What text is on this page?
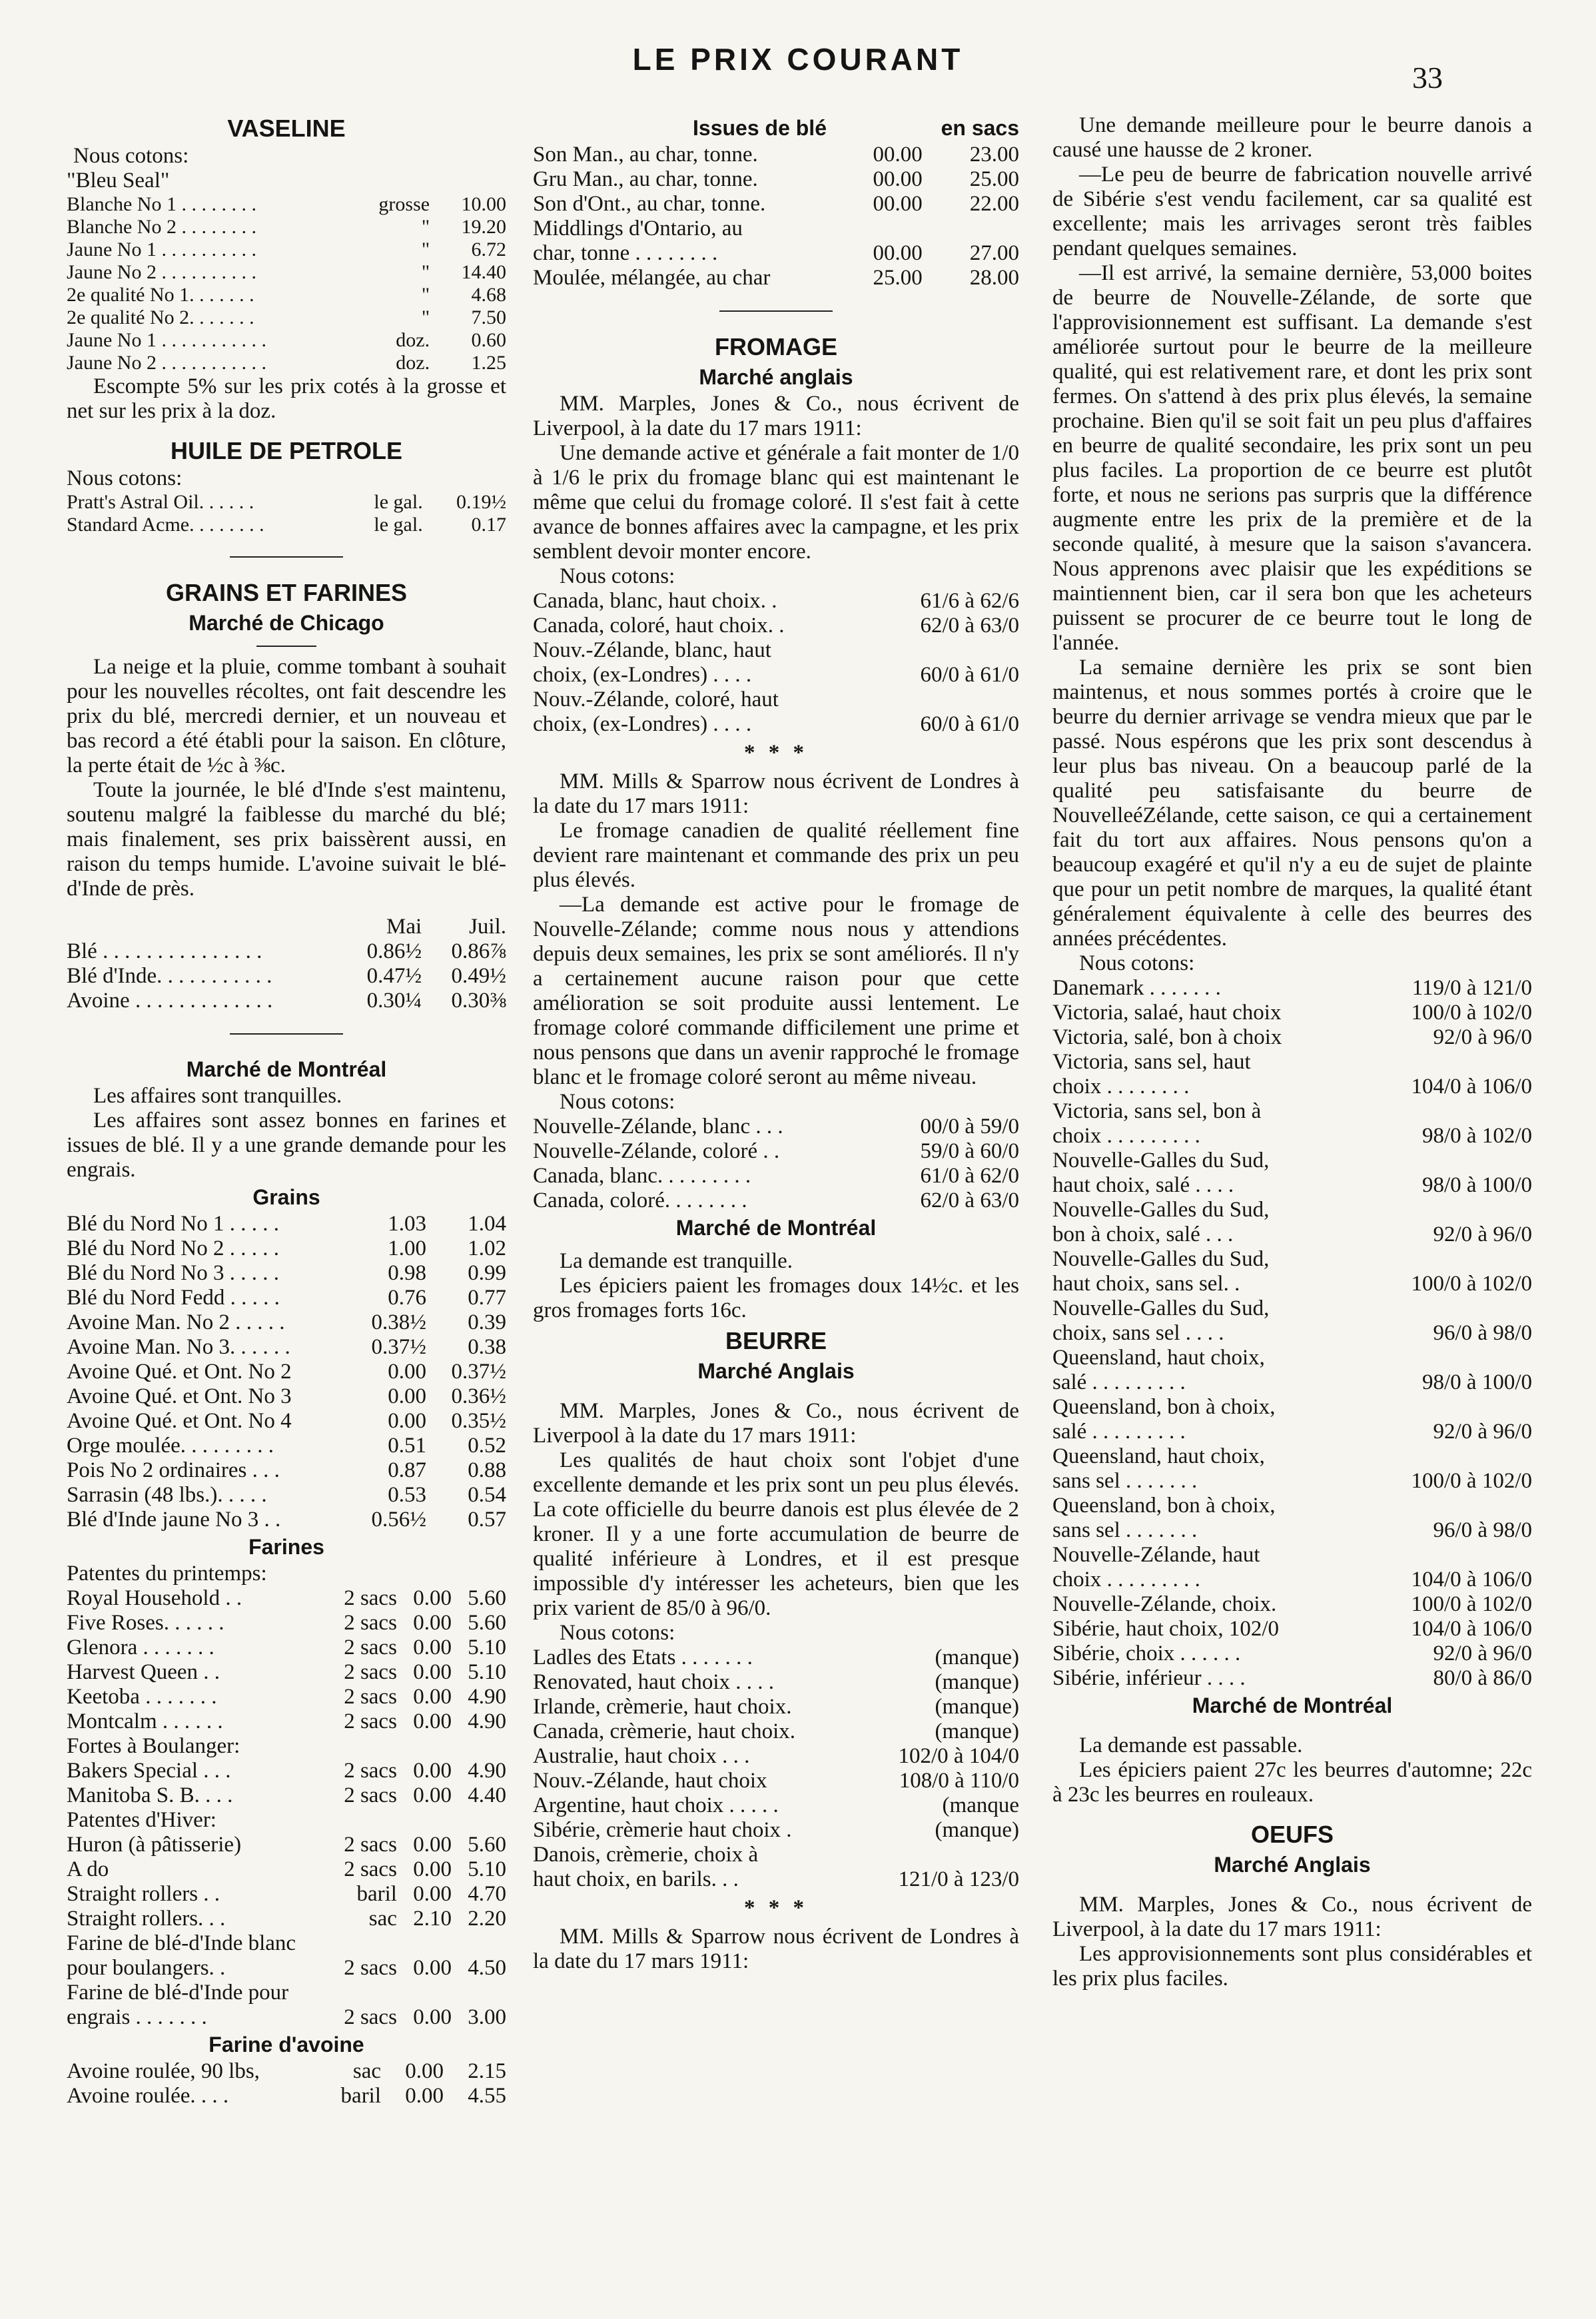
LE PRIX COURANT
33
VASELINE

Nous cotons:

"Bleu Seal"

Blanche No 1 . . . . . . . .	grosse	10.00
Blanche No 2 . . . . . . . .	"	19.20
Jaune No 1 . . . . . . . . . .	"	6.72
Jaune No 2 . . . . . . . . . .	"	14.40
2e qualité No 1. . . . . . .	"	4.68
2e qualité No 2. . . . . . .	"	7.50
Jaune No 1 . . . . . . . . . . .	doz.	0.60
Jaune No 2 . . . . . . . . . . .	doz.	1.25

Escompte 5% sur les prix cotés à la grosse et net sur les prix à la doz.

HUILE DE PETROLE

Nous cotons:

Pratt's Astral Oil. . . . . .	le gal.	0.19½
Standard Acme. . . . . . . .	le gal.	0.17
GRAINS ET FARINES
Marché de Chicago

La neige et la pluie, comme tombant à souhait pour les nouvelles récoltes, ont fait descendre les prix du blé, mercredi dernier, et un nouveau et bas record a été établi pour la saison. En clôture, la perte était de ½c à ⅜c.

Toute la journée, le blé d'Inde s'est maintenu, soutenu malgré la faiblesse du marché du blé; mais finalement, ses prix baissèrent aussi, en raison du temps humide. L'avoine suivait le blé-d'Inde de près.

	Mai	Juil.
Blé . . . . . . . . . . . . . . .	0.86½	0.86⅞
Blé d'Inde. . . . . . . . . . .	0.47½	0.49½
Avoine . . . . . . . . . . . . .	0.30¼	0.30⅜
Marché de Montréal

Les affaires sont tranquilles.

Les affaires sont assez bonnes en farines et issues de blé. Il y a une grande demande pour les engrais.

Grains
Blé du Nord No 1 . . . . .	1.03	1.04
Blé du Nord No 2 . . . . .	1.00	1.02
Blé du Nord No 3 . . . . .	0.98	0.99
Blé du Nord Fedd . . . . .	0.76	0.77
Avoine Man. No 2 . . . . .	0.38½	0.39
Avoine Man. No 3. . . . . .	0.37½	0.38
Avoine Qué. et Ont. No 2	0.00	0.37½
Avoine Qué. et Ont. No 3	0.00	0.36½
Avoine Qué. et Ont. No 4	0.00	0.35½
Orge moulée. . . . . . . . .	0.51	0.52
Pois No 2 ordinaires . . .	0.87	0.88
Sarrasin (48 lbs.). . . . .	0.53	0.54
Blé d'Inde jaune No 3 . .	0.56½	0.57
Farines
Patentes du printemps:			
Royal Household . .	2 sacs	0.00	5.60
Five Roses. . . . . .	2 sacs	0.00	5.60
Glenora . . . . . . .	2 sacs	0.00	5.10
Harvest Queen . .	2 sacs	0.00	5.10
Keetoba . . . . . . .	2 sacs	0.00	4.90
Montcalm . . . . . .	2 sacs	0.00	4.90
Fortes à Boulanger:			
Bakers Special . . .	2 sacs	0.00	4.90
Manitoba S. B. . . .	2 sacs	0.00	4.40
Patentes d'Hiver:			
Huron (à pâtisserie)	2 sacs	0.00	5.60
A do	2 sacs	0.00	5.10
Straight rollers . .	baril	0.00	4.70
Straight rollers. . .	sac	2.10	2.20
Farine de blé-d'Inde blanc			
pour boulangers. .	2 sacs	0.00	4.50
Farine de blé-d'Inde pour			
engrais . . . . . . .	2 sacs	0.00	3.00
Farine d'avoine
Avoine roulée, 90 lbs,	sac	0.00	2.15
Avoine roulée. . . .	baril	0.00	4.55
Issues de blé		en sacs
Son Man., au char, tonne.	00.00	23.00
Gru Man., au char, tonne.	00.00	25.00
Son d'Ont., au char, tonne.	00.00	22.00
Middlings d'Ontario, au		
char, tonne . . . . . . . .	00.00	27.00
Moulée, mélangée, au char	25.00	28.00
FROMAGE
Marché anglais

MM. Marples, Jones & Co., nous écrivent de Liverpool, à la date du 17 mars 1911:

Une demande active et générale a fait monter de 1/0 à 1/6 le prix du fromage blanc qui est maintenant le même que celui du fromage coloré. Il s'est fait à cette avance de bonnes affaires avec la campagne, et les prix semblent devoir monter encore.

Nous cotons:

Canada, blanc, haut choix. .	61/6 à 62/6
Canada, coloré, haut choix. .	62/0 à 63/0
Nouv.-Zélande, blanc, haut	
choix, (ex-Londres) . . . .	60/0 à 61/0
Nouv.-Zélande, coloré, haut	
choix, (ex-Londres) . . . .	60/0 à 61/0
* * *

MM. Mills & Sparrow nous écrivent de Londres à la date du 17 mars 1911:

Le fromage canadien de qualité réellement fine devient rare maintenant et commande des prix un peu plus élevés.

—La demande est active pour le fromage de Nouvelle-Zélande; comme nous nous y attendions depuis deux semaines, les prix se sont améliorés. Il n'y a certainement aucune raison pour que cette amélioration se soit produite aussi lentement. Le fromage coloré commande difficilement une prime et nous pensons que dans un avenir rapproché le fromage blanc et le fromage coloré seront au même niveau.

Nous cotons:

Nouvelle-Zélande, blanc . . .	00/0 à 59/0
Nouvelle-Zélande, coloré . .	59/0 à 60/0
Canada, blanc. . . . . . . . .	61/0 à 62/0
Canada, coloré. . . . . . . .	62/0 à 63/0
Marché de Montréal

La demande est tranquille.

Les épiciers paient les fromages doux 14½c. et les gros fromages forts 16c.

BEURRE
Marché Anglais

MM. Marples, Jones & Co., nous écrivent de Liverpool à la date du 17 mars 1911:

Les qualités de haut choix sont l'objet d'une excellente demande et les prix sont un peu plus élevés. La cote officielle du beurre danois est plus élevée de 2 kroner. Il y a une forte accumulation de beurre de qualité inférieure à Londres, et il est presque impossible d'y intéresser les acheteurs, bien que les prix varient de 85/0 à 96/0.

Nous cotons:

Ladles des Etats . . . . . . .	(manque)
Renovated, haut choix . . . .	(manque)
Irlande, crèmerie, haut choix.	(manque)
Canada, crèmerie, haut choix.	(manque)
Australie, haut choix . . .	102/0 à 104/0
Nouv.-Zélande, haut choix	108/0 à 110/0
Argentine, haut choix . . . . .	(manque
Sibérie, crèmerie haut choix .	(manque)
Danois, crèmerie, choix à	
haut choix, en barils. . .	121/0 à 123/0
* * *

MM. Mills & Sparrow nous écrivent de Londres à la date du 17 mars 1911:

Une demande meilleure pour le beurre danois a causé une hausse de 2 kroner.

—Le peu de beurre de fabrication nouvelle arrivé de Sibérie s'est vendu facilement, car sa qualité est excellente; mais les arrivages seront très faibles pendant quelques semaines.

—Il est arrivé, la semaine dernière, 53,000 boites de beurre de Nouvelle-Zélande, de sorte que l'approvisionnement est suffisant. La demande s'est améliorée surtout pour le beurre de la meilleure qualité, qui est relativement rare, et dont les prix sont fermes. On s'attend à des prix plus élevés, la semaine prochaine. Bien qu'il se soit fait un peu plus d'affaires en beurre de qualité secondaire, les prix sont un peu plus faciles. La proportion de ce beurre est plutôt forte, et nous ne serions pas surpris que la différence augmente entre les prix de la première et de la seconde qualité, à mesure que la saison s'avancera. Nous apprenons avec plaisir que les expéditions se maintiennent bien, car il sera bon que les acheteurs puissent se procurer de ce beurre tout le long de l'année.

La semaine dernière les prix se sont bien maintenus, et nous sommes portés à croire que le beurre du dernier arrivage se vendra mieux que par le passé. Nous espérons que les prix sont descendus à leur plus bas niveau. On a beaucoup parlé de la qualité peu satisfaisante du beurre de NouvelleéZélande, cette saison, ce qui a certainement fait du tort aux affaires. Nous pensons qu'on a beaucoup exagéré et qu'il n'y a eu de sujet de plainte que pour un petit nombre de marques, la qualité étant généralement équivalente à celle des beurres des années précédentes.

Nous cotons:

Danemark . . . . . . .	119/0 à 121/0
Victoria, salaé, haut choix	100/0 à 102/0
Victoria, salé, bon à choix	92/0 à 96/0
Victoria, sans sel, haut	
choix . . . . . . . .	104/0 à 106/0
Victoria, sans sel, bon à	
choix . . . . . . . . .	98/0 à 102/0
Nouvelle-Galles du Sud,	
haut choix, salé . . . .	98/0 à 100/0
Nouvelle-Galles du Sud,	
bon à choix, salé . . .	92/0 à 96/0
Nouvelle-Galles du Sud,	
haut choix, sans sel. .	100/0 à 102/0
Nouvelle-Galles du Sud,	
choix, sans sel . . . .	96/0 à 98/0
Queensland, haut choix,	
salé . . . . . . . . .	98/0 à 100/0
Queensland, bon à choix,	
salé . . . . . . . . .	92/0 à 96/0
Queensland, haut choix,	
sans sel . . . . . . .	100/0 à 102/0
Queensland, bon à choix,	
sans sel . . . . . . .	96/0 à 98/0
Nouvelle-Zélande, haut	
choix . . . . . . . . .	104/0 à 106/0
Nouvelle-Zélande, choix.	100/0 à 102/0
Sibérie, haut choix, 102/0	104/0 à 106/0
Sibérie, choix . . . . . .	92/0 à 96/0
Sibérie, inférieur . . . .	80/0 à 86/0
Marché de Montréal

La demande est passable.

Les épiciers paient 27c les beurres d'automne; 22c à 23c les beurres en rouleaux.

OEUFS
Marché Anglais

MM. Marples, Jones & Co., nous écrivent de Liverpool, à la date du 17 mars 1911:

Les approvisionnements sont plus considérables et les prix plus faciles.
